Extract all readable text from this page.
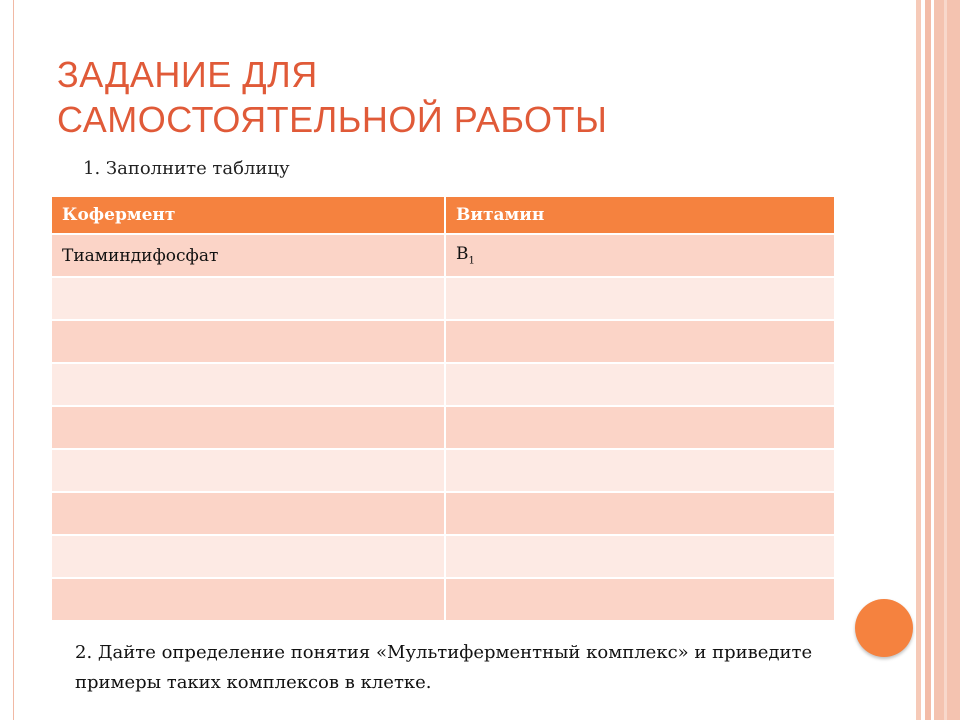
ЗАДАНИЕ ДЛЯ
САМОСТОЯТЕЛЬНОЙ РАБОТЫ
1. Заполните таблицу
Кофермент	Витамин
Тиаминдифосфат	$B_1$

2. Дайте определение понятия «Мультиферментный комплекс» и приведите примеры таких комплексов в клетке.
